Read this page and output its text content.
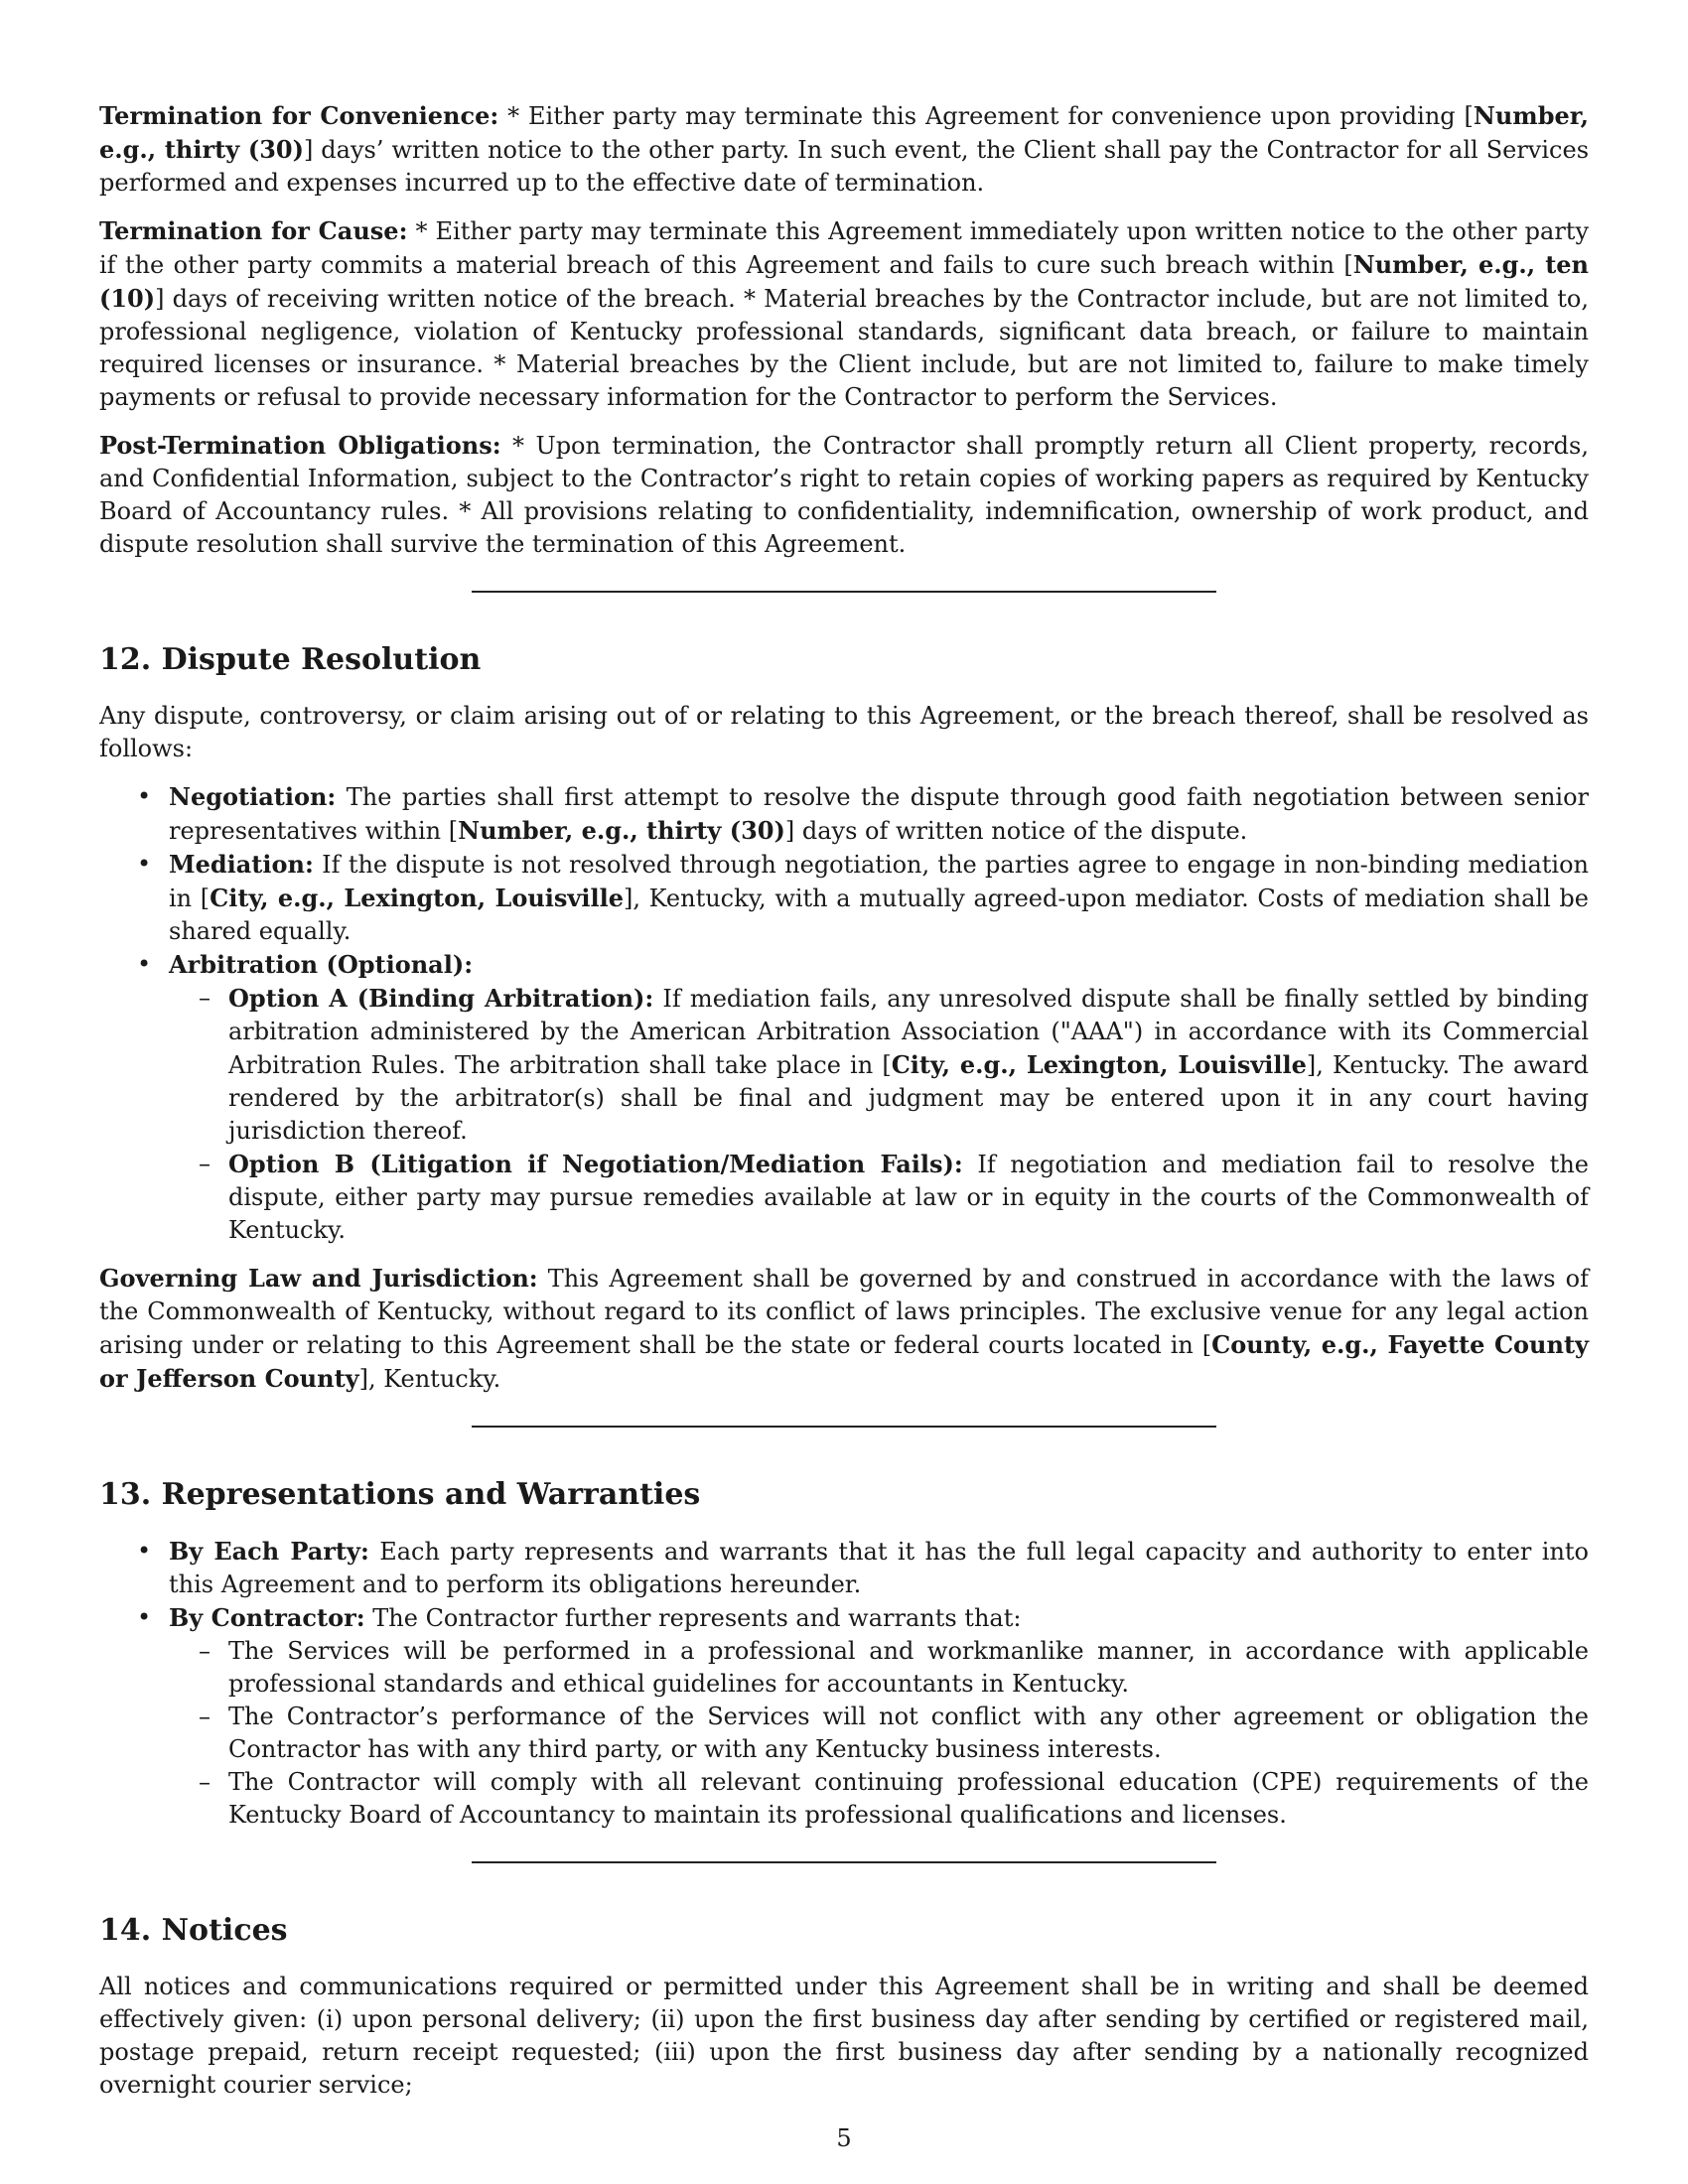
Termination for Convenience: * Either party may terminate this Agreement for convenience upon providing [Number, e.g., thirty (30)] days’ written notice to the other party. In such event, the Client shall pay the Contractor for all Services performed and expenses incurred up to the effective date of termination.

Termination for Cause: * Either party may terminate this Agreement immediately upon written notice to the other party if the other party commits a material breach of this Agreement and fails to cure such breach within [Number, e.g., ten (10)] days of receiving written notice of the breach. * Material breaches by the Contractor include, but are not limited to, professional negligence, violation of Kentucky professional standards, significant data breach, or failure to maintain required licenses or insurance. * Material breaches by the Client include, but are not limited to, failure to make timely payments or refusal to provide necessary information for the Contractor to perform the Services.

Post-Termination Obligations: * Upon termination, the Contractor shall promptly return all Client property, records, and Confidential Information, subject to the Contractor’s right to retain copies of working papers as required by Kentucky Board of Accountancy rules. * All provisions relating to confidentiality, indemnification, ownership of work product, and dispute resolution shall survive the termination of this Agreement.

12. Dispute Resolution

Any dispute, controversy, or claim arising out of or relating to this Agreement, or the breach thereof, shall be resolved as follows:

• Negotiation: The parties shall first attempt to resolve the dispute through good faith negotiation between senior representatives within [Number, e.g., thirty (30)] days of written notice of the dispute.
• Mediation: If the dispute is not resolved through negotiation, the parties agree to engage in non-binding mediation in [City, e.g., Lexington, Louisville], Kentucky, with a mutually agreed-upon mediator. Costs of mediation shall be shared equally.
• Arbitration (Optional):
– Option A (Binding Arbitration): If mediation fails, any unresolved dispute shall be finally settled by binding arbitration administered by the American Arbitration Association ("AAA") in accordance with its Commercial Arbitration Rules. The arbitration shall take place in [City, e.g., Lexington, Louisville], Kentucky. The award rendered by the arbitrator(s) shall be final and judgment may be entered upon it in any court having jurisdiction thereof.
– Option B (Litigation if Negotiation/Mediation Fails): If negotiation and mediation fail to resolve the dispute, either party may pursue remedies available at law or in equity in the courts of the Commonwealth of Kentucky.

Governing Law and Jurisdiction: This Agreement shall be governed by and construed in accordance with the laws of the Commonwealth of Kentucky, without regard to its conflict of laws principles. The exclusive venue for any legal action arising under or relating to this Agreement shall be the state or federal courts located in [County, e.g., Fayette County or Jefferson County], Kentucky.

13. Representations and Warranties
• By Each Party: Each party represents and warrants that it has the full legal capacity and authority to enter into this Agreement and to perform its obligations hereunder.
• By Contractor: The Contractor further represents and warrants that:
– The Services will be performed in a professional and workmanlike manner, in accordance with applicable professional standards and ethical guidelines for accountants in Kentucky.
– The Contractor’s performance of the Services will not conflict with any other agreement or obligation the Contractor has with any third party, or with any Kentucky business interests.
– The Contractor will comply with all relevant continuing professional education (CPE) requirements of the Kentucky Board of Accountancy to maintain its professional qualifications and licenses.
14. Notices

All notices and communications required or permitted under this Agreement shall be in writing and shall be deemed effectively given: (i) upon personal delivery; (ii) upon the first business day after sending by certified or registered mail, postage prepaid, return receipt requested; (iii) upon the first business day after sending by a nationally recognized overnight courier service;

5
